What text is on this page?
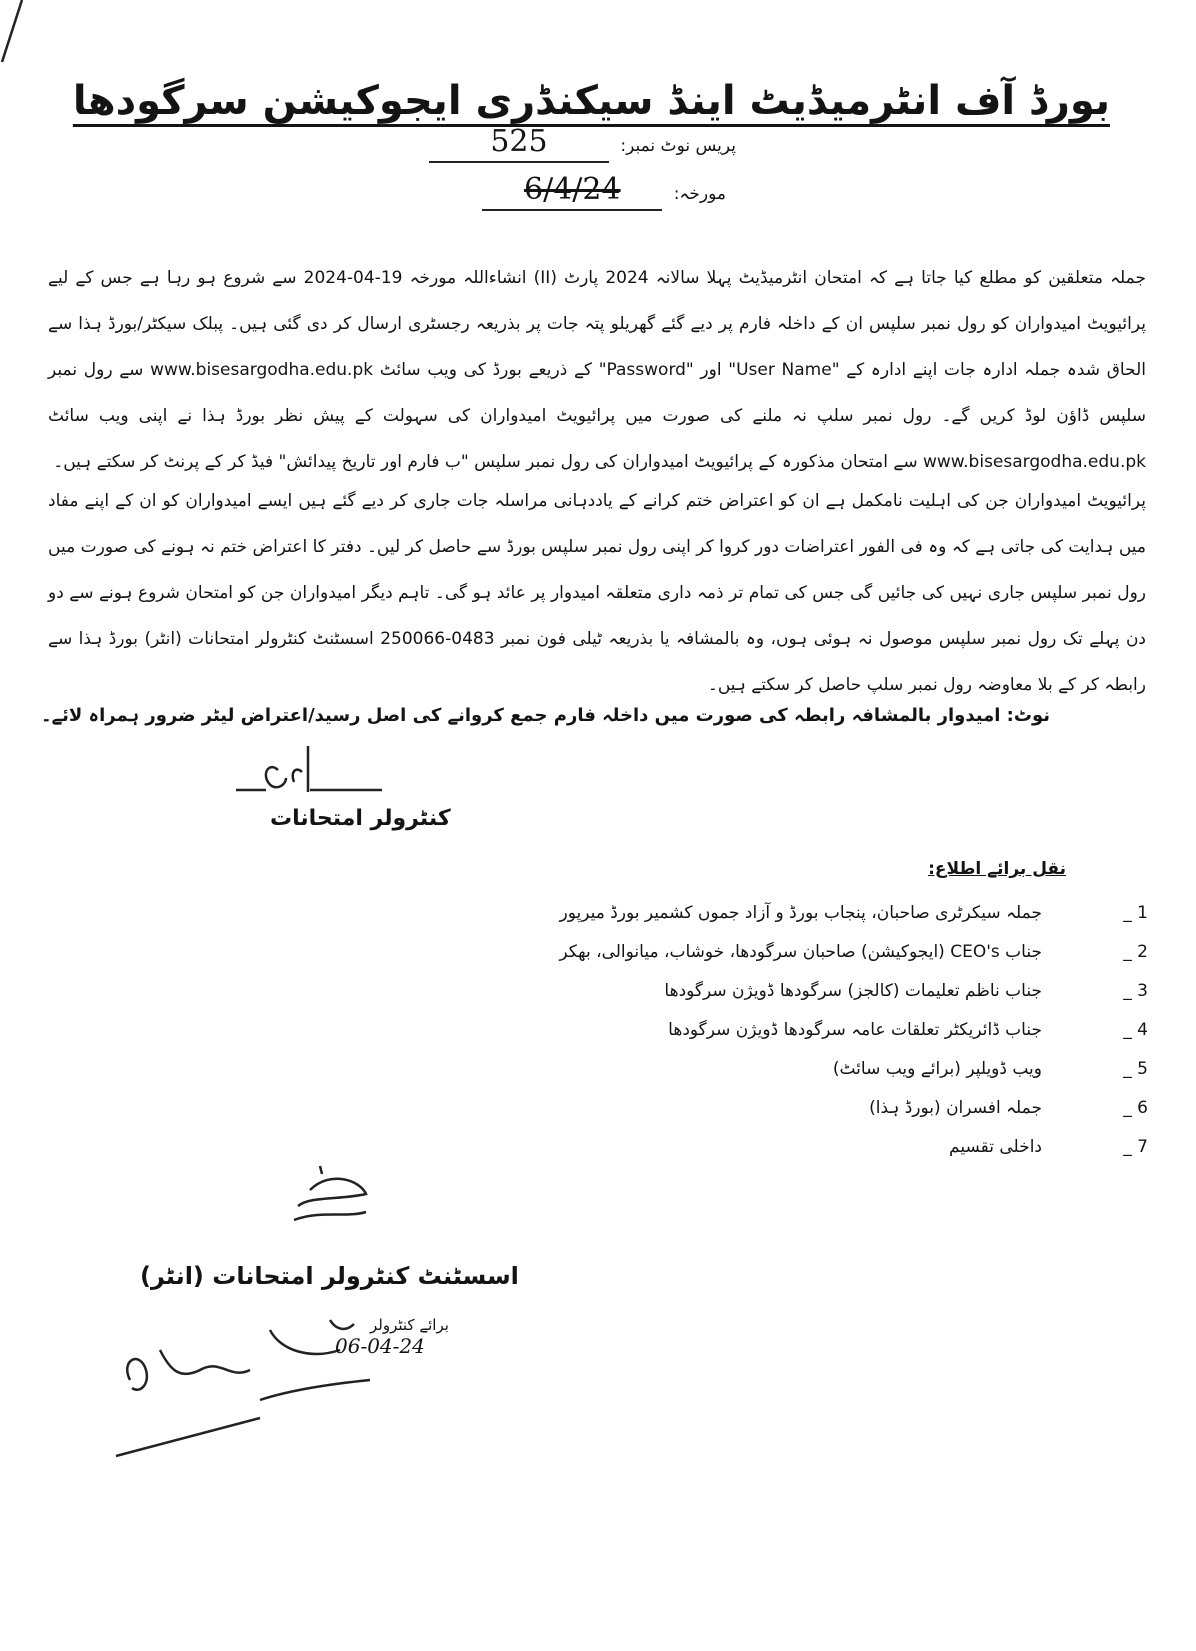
بورڈ آف انٹرمیڈیٹ اینڈ سیکنڈری ایجوکیشن سرگودھا
پریس نوٹ نمبر: 525
مورخہ: 6/4/24
جملہ متعلقین کو مطلع کیا جاتا ہے کہ امتحان انٹرمیڈیٹ پہلا سالانہ 2024 پارٹ (II) انشاءاللہ مورخہ 19-04-2024 سے شروع ہو رہا ہے جس کے لیے پرائیویٹ امیدواران کو رول نمبر سلپس ان کے داخلہ فارم پر دیے گئے گھریلو پتہ جات پر بذریعہ رجسٹری ارسال کر دی گئی ہیں۔ پبلک سیکٹر/بورڈ ہذا سے الحاق شدہ جملہ ادارہ جات اپنے ادارہ کے "User Name" اور "Password" کے ذریعے بورڈ کی ویب سائٹ www.bisesargodha.edu.pk سے رول نمبر سلپس ڈاؤن لوڈ کریں گے۔ رول نمبر سلپ نہ ملنے کی صورت میں پرائیویٹ امیدواران کی سہولت کے پیش نظر بورڈ ہذا نے اپنی ویب سائٹ www.bisesargodha.edu.pk سے امتحان مذکورہ کے پرائیویٹ امیدواران کی رول نمبر سلپس "ب فارم اور تاریخ پیدائش" فیڈ کر کے پرنٹ کر سکتے ہیں۔
پرائیویٹ امیدواران جن کی اہلیت نامکمل ہے ان کو اعتراض ختم کرانے کے یاددہانی مراسلہ جات جاری کر دیے گئے ہیں ایسے امیدواران کو ان کے اپنے مفاد میں ہدایت کی جاتی ہے کہ وہ فی الفور اعتراضات دور کروا کر اپنی رول نمبر سلپس بورڈ سے حاصل کر لیں۔ دفتر کا اعتراض ختم نہ ہونے کی صورت میں رول نمبر سلپس جاری نہیں کی جائیں گی جس کی تمام تر ذمہ داری متعلقہ امیدوار پر عائد ہو گی۔ تاہم دیگر امیدواران جن کو امتحان شروع ہونے سے دو دن پہلے تک رول نمبر سلپس موصول نہ ہوئی ہوں، وہ بالمشافہ یا بذریعہ ٹیلی فون نمبر 0483-250066 اسسٹنٹ کنٹرولر امتحانات (انٹر) بورڈ ہذا سے رابطہ کر کے بلا معاوضہ رول نمبر سلپ حاصل کر سکتے ہیں۔
نوٹ: امیدوار بالمشافہ رابطہ کی صورت میں داخلہ فارم جمع کروانے کی اصل رسید/اعتراض لیٹر ضرور ہمراہ لائے۔
کنٹرولر امتحانات
نقل برائے اطلاع:
_ 1
جملہ سیکرٹری صاحبان، پنجاب بورڈ و آزاد جموں کشمیر بورڈ میرپور
_ 2
جناب CEO's (ایجوکیشن) صاحبان سرگودھا، خوشاب، میانوالی، بھکر
_ 3
جناب ناظم تعلیمات (کالجز) سرگودھا ڈویژن سرگودھا
_ 4
جناب ڈائریکٹر تعلقات عامہ سرگودھا ڈویژن سرگودھا
_ 5
ویب ڈویلپر (برائے ویب سائٹ)
_ 6
جملہ افسران (بورڈ ہذا)
_ 7
داخلی تقسیم
اسسٹنٹ کنٹرولر امتحانات (انٹر)
برائے کنٹرولر
06-04-24
